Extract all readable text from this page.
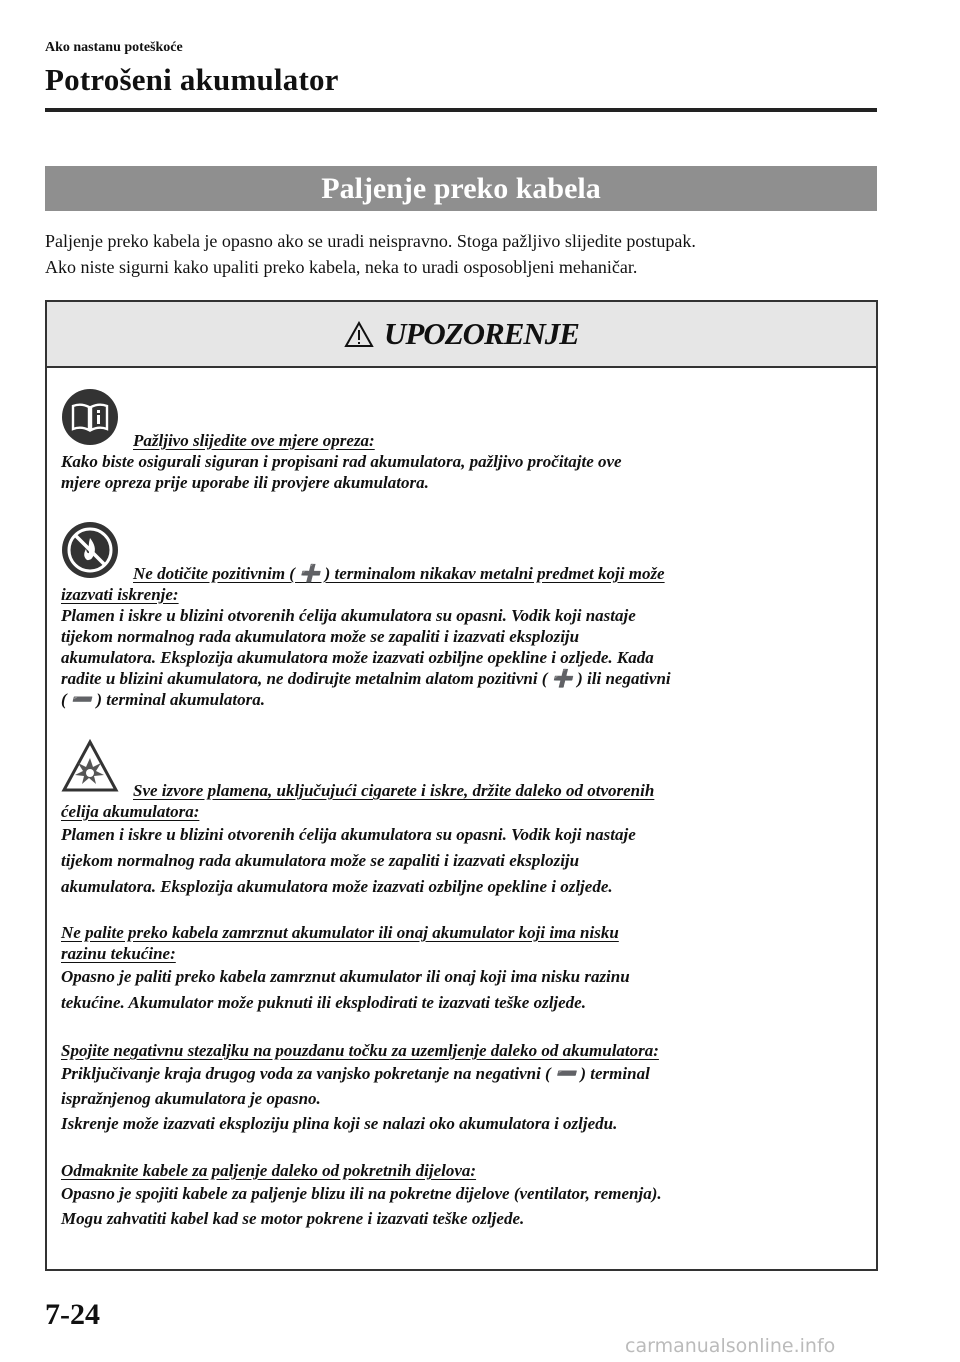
Ako nastanu poteškoće
Potrošeni akumulator
Paljenje preko kabela
Paljenje preko kabela je opasno ako se uradi neispravno. Stoga pažljivo slijedite postupak.
Ako niste sigurni kako upaliti preko kabela, neka to uradi osposobljeni mehaničar.
UPOZORENJE
Pažljivo slijedite ove mjere opreza:
Kako biste osigurali siguran i propisani rad akumulatora, pažljivo pročitajte ove
mjere opreza prije uporabe ili provjere akumulatora.
Ne dotičite pozitivnim ( ➕ ) terminalom nikakav metalni predmet koji može
izazvati iskrenje:
Plamen i iskre u blizini otvorenih ćelija akumulatora su opasni. Vodik koji nastaje
tijekom normalnog rada akumulatora može se zapaliti i izazvati eksploziju
akumulatora. Eksplozija akumulatora može izazvati ozbiljne opekline i ozljede. Kada
radite u blizini akumulatora, ne dodirujte metalnim alatom pozitivni ( ➕ ) ili negativni
( ➖ ) terminal akumulatora.
Sve izvore plamena, uključujući cigarete i iskre, držite daleko od otvorenih
ćelija akumulatora:
Plamen i iskre u blizini otvorenih ćelija akumulatora su opasni. Vodik koji nastaje
tijekom normalnog rada akumulatora može se zapaliti i izazvati eksploziju
akumulatora. Eksplozija akumulatora može izazvati ozbiljne opekline i ozljede.
Ne palite preko kabela zamrznut akumulator ili onaj akumulator koji ima nisku
razinu tekućine:
Opasno je paliti preko kabela zamrznut akumulator ili onaj koji ima nisku razinu
tekućine. Akumulator može puknuti ili eksplodirati te izazvati teške ozljede.
Spojite negativnu stezaljku na pouzdanu točku za uzemljenje daleko od akumulatora:
Priključivanje kraja drugog voda za vanjsko pokretanje na negativni ( ➖ ) terminal
ispražnjenog akumulatora je opasno.
Iskrenje može izazvati eksploziju plina koji se nalazi oko akumulatora i ozljedu.
Odmaknite kabele za paljenje daleko od pokretnih dijelova:
Opasno je spojiti kabele za paljenje blizu ili na pokretne dijelove (ventilator, remenja).
Mogu zahvatiti kabel kad se motor pokrene i izazvati teške ozljede.
7-24
carmanualsonline.info
